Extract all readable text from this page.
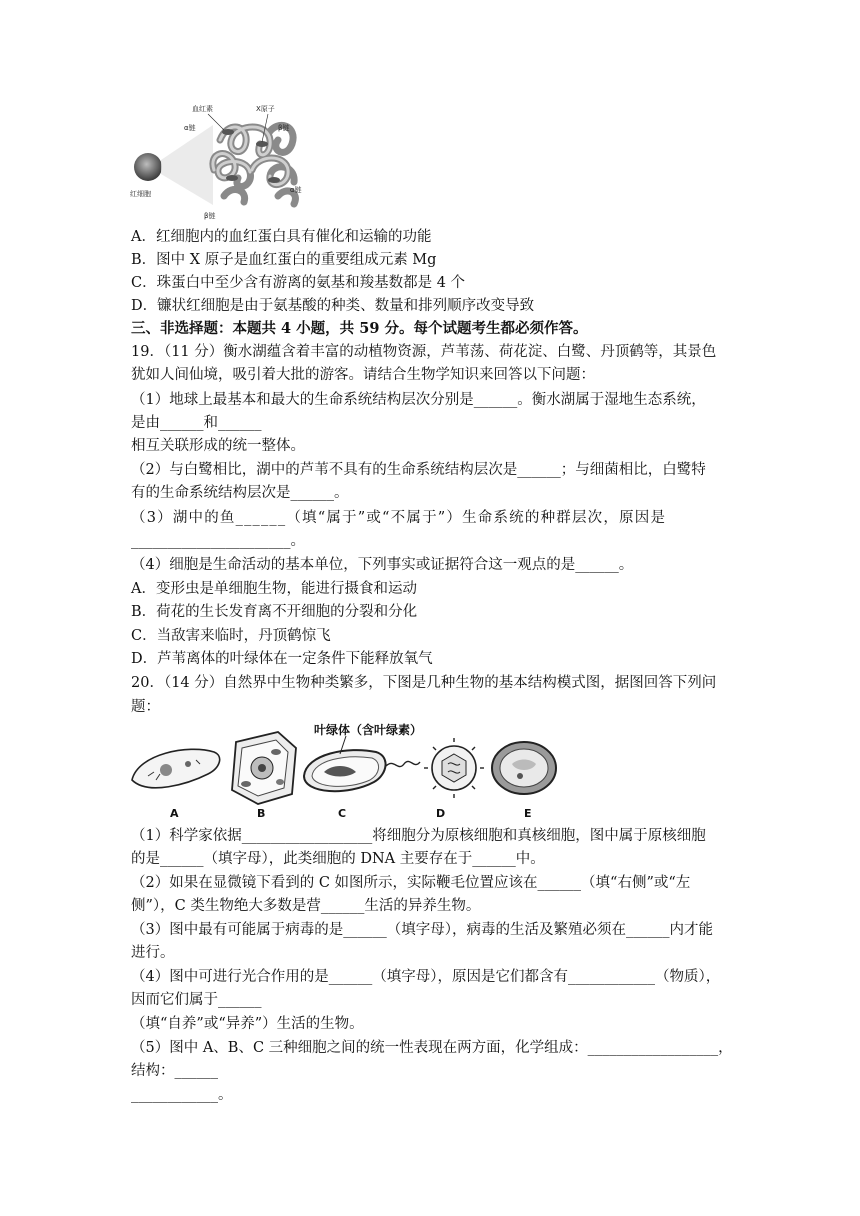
血红素	X原子
α链	β链
α链
β链
红细胞
A．红细胞内的血红蛋白具有催化和运输的功能
B．图中 X 原子是血红蛋白的重要组成元素 Mg
C．珠蛋白中至少含有游离的氨基和羧基数都是 4 个
D．镰状红细胞是由于氨基酸的种类、数量和排列顺序改变导致
三、非选择题：本题共 4 小题，共 59 分。每个试题考生都必须作答。
19．（11 分）衡水湖蕴含着丰富的动植物资源，芦苇荡、荷花淀、白鹭、丹顶鹤等，其景色
犹如人间仙境，吸引着大批的游客。请结合生物学知识来回答以下问题：
（1）地球上最基本和最大的生命系统结构层次分别是______。衡水湖属于湿地生态系统，
是由______和______
相互关联形成的统一整体。
（2）与白鹭相比，湖中的芦苇不具有的生命系统结构层次是______；与细菌相比，白鹭特
有的生命系统结构层次是______。
（3）湖中的鱼______（填“属于”或“不属于”）生命系统的种群层次，原因是
______________________。
（4）细胞是生命活动的基本单位，下列事实或证据符合这一观点的是______。
A．变形虫是单细胞生物，能进行摄食和运动
B．荷花的生长发育离不开细胞的分裂和分化
C．当敌害来临时，丹顶鹤惊飞
D．芦苇离体的叶绿体在一定条件下能释放氧气
20．（14 分）自然界中生物种类繁多，下图是几种生物的基本结构模式图，据图回答下列问
题：
叶绿体（含叶绿素）
A	B	C	D	E
（1）科学家依据__________________将细胞分为原核细胞和真核细胞，图中属于原核细胞
的是______（填字母），此类细胞的 DNA 主要存在于______中。
（2）如果在显微镜下看到的 C 如图所示，实际鞭毛位置应该在______（填“右侧”或“左
侧”），C 类生物绝大多数是营______生活的异养生物。
（3）图中最有可能属于病毒的是______（填字母），病毒的生活及繁殖必须在______内才能
进行。
（4）图中可进行光合作用的是______（填字母），原因是它们都含有____________（物质），
因而它们属于______
（填“自养”或“异养”）生活的生物。
（5）图中 A、B、C 三种细胞之间的统一性表现在两方面，化学组成：__________________，
结构：______
____________。
